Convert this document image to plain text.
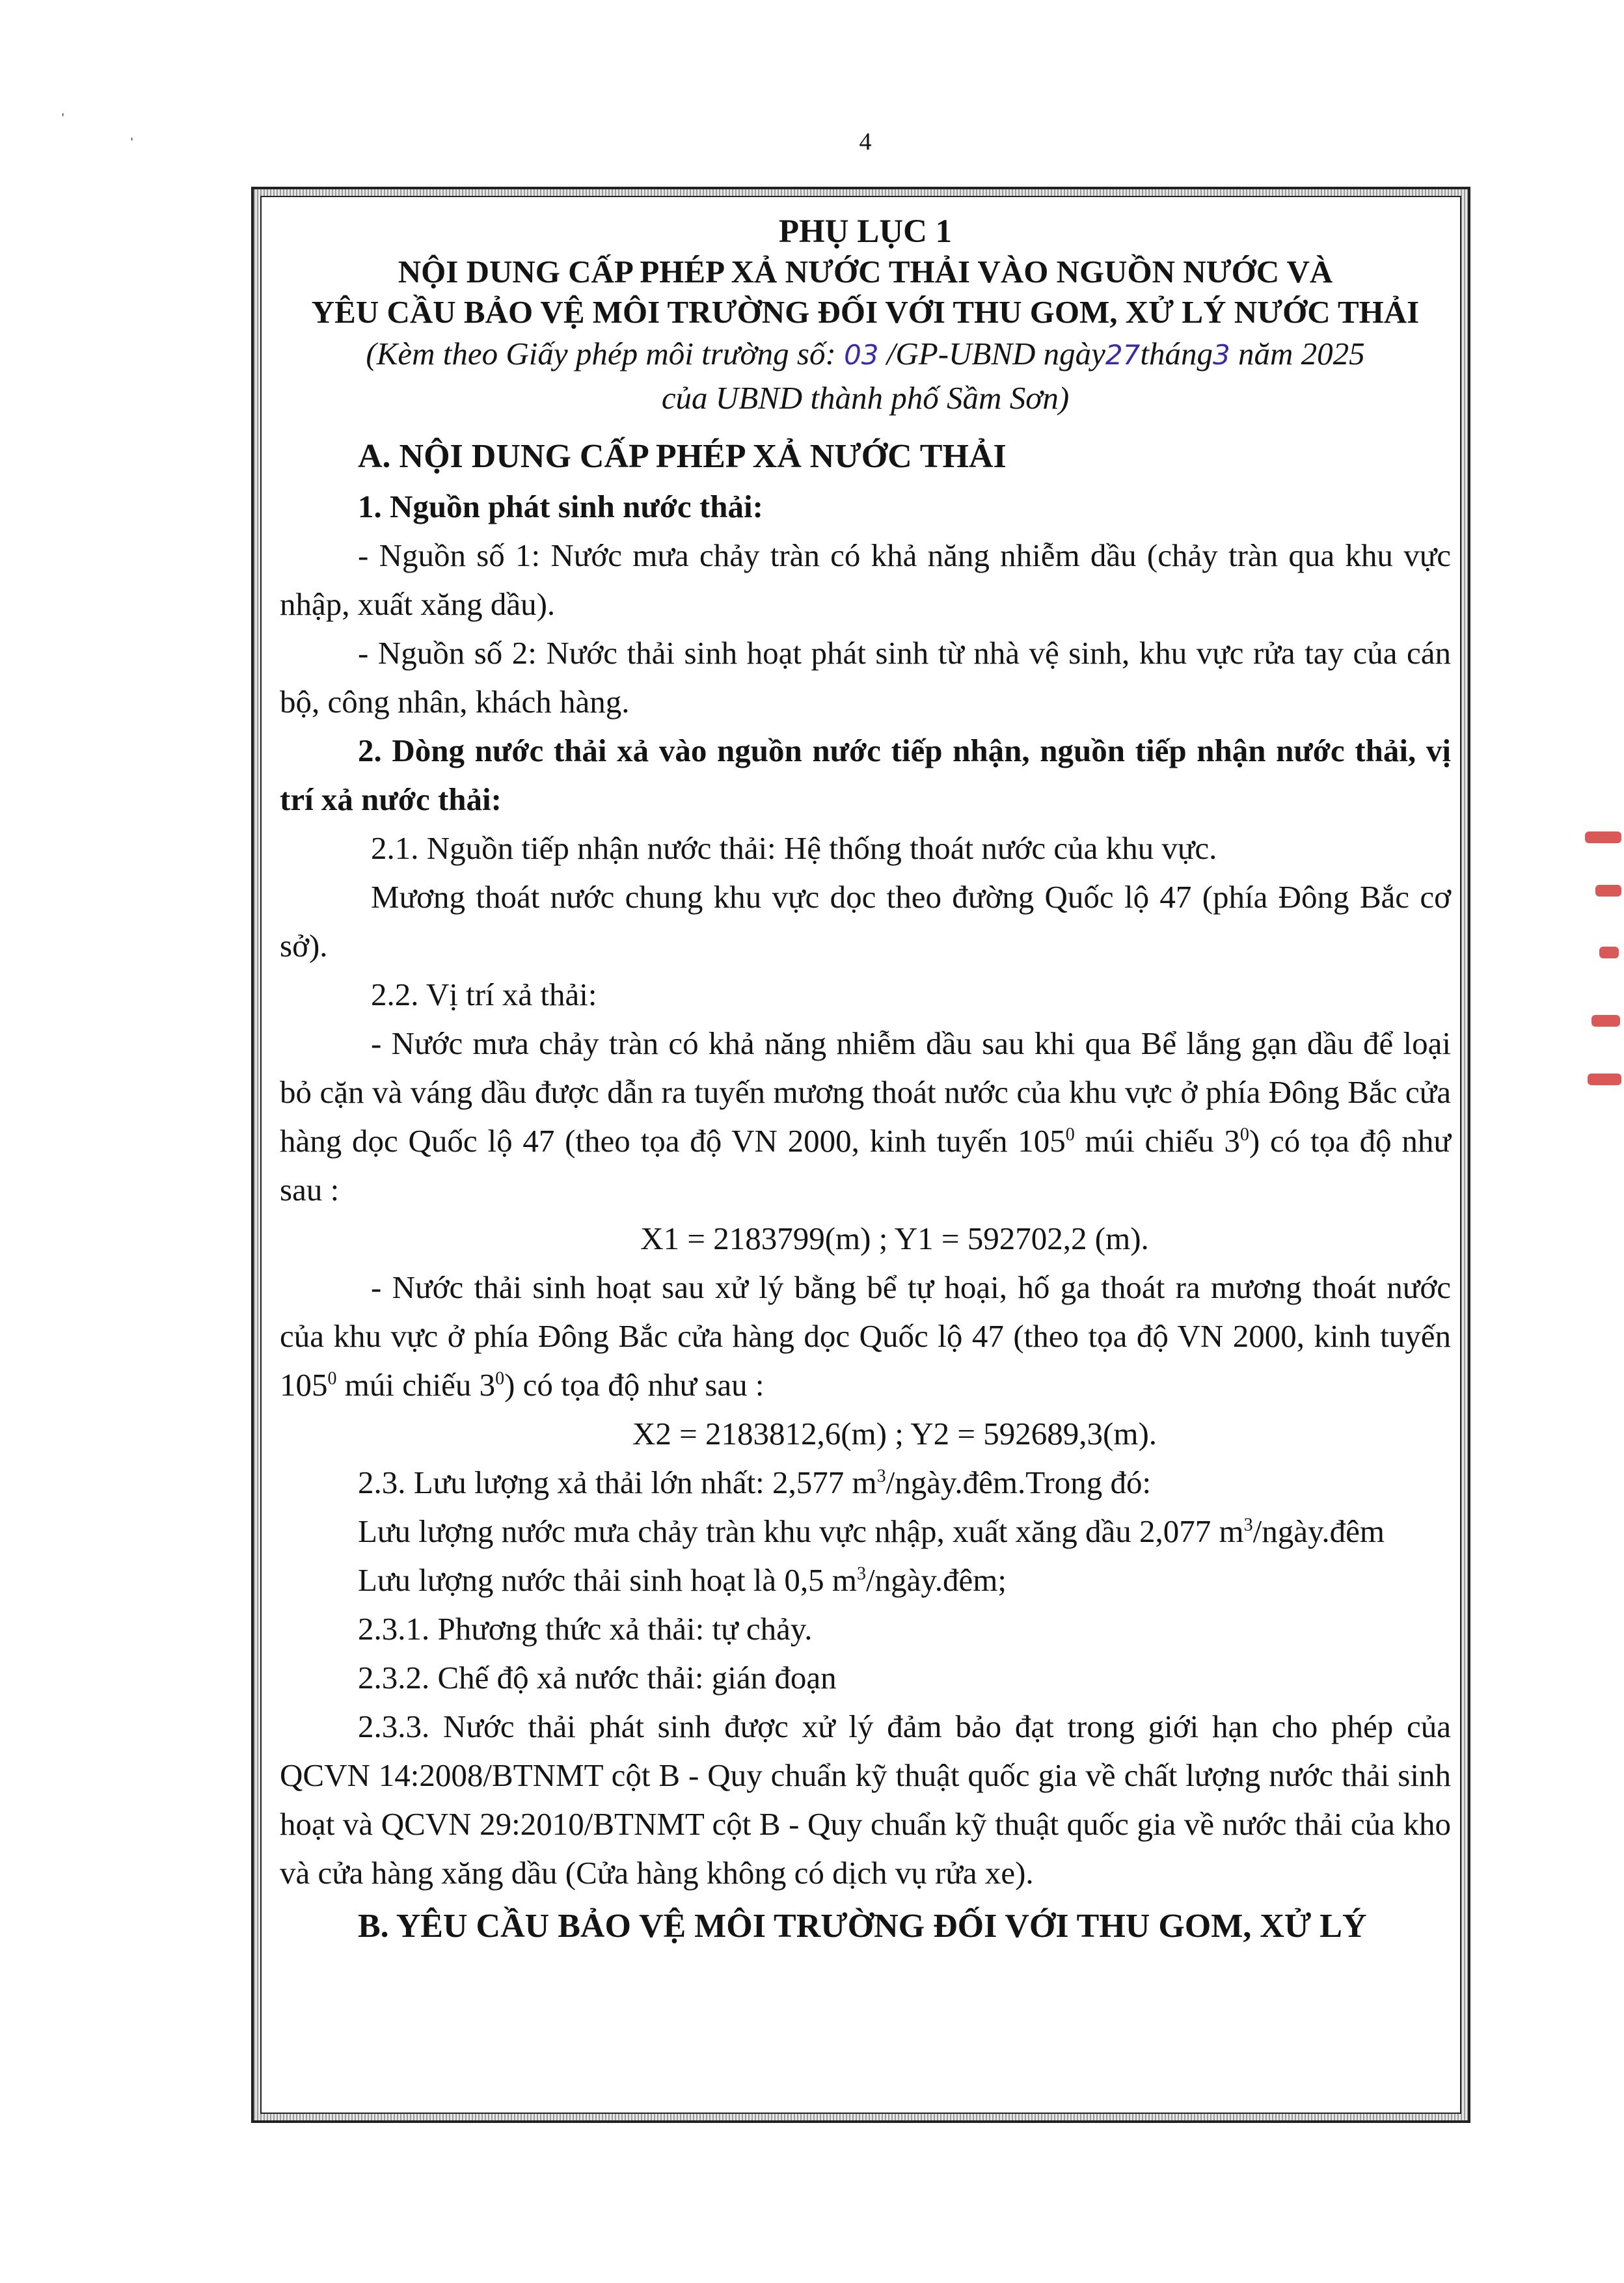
4
ˈ
ˌ
PHỤ LỤC 1
NỘI DUNG CẤP PHÉP XẢ NƯỚC THẢI VÀO NGUỒN NƯỚC VÀ
YÊU CẦU BẢO VỆ MÔI TRƯỜNG ĐỐI VỚI THU GOM, XỬ LÝ NƯỚC THẢI
(Kèm theo Giấy phép môi trường số: 03 /GP-UBND ngày27tháng3 năm 2025
của UBND thành phố Sầm Sơn)
A. NỘI DUNG CẤP PHÉP XẢ NƯỚC THẢI

1. Nguồn phát sinh nước thải:

- Nguồn số 1: Nước mưa chảy tràn có khả năng nhiễm dầu (chảy tràn qua khu vực nhập, xuất xăng dầu).

- Nguồn số 2: Nước thải sinh hoạt phát sinh từ nhà vệ sinh, khu vực rửa tay của cán bộ, công nhân, khách hàng.

2. Dòng nước thải xả vào nguồn nước tiếp nhận, nguồn tiếp nhận nước thải, vị trí xả nước thải:

2.1. Nguồn tiếp nhận nước thải: Hệ thống thoát nước của khu vực.

Mương thoát nước chung khu vực dọc theo đường Quốc lộ 47 (phía Đông Bắc cơ sở).

2.2. Vị trí xả thải:

- Nước mưa chảy tràn có khả năng nhiễm dầu sau khi qua Bể lắng gạn dầu để loại bỏ cặn và váng dầu được dẫn ra tuyến mương thoát nước của khu vực ở phía Đông Bắc cửa hàng dọc Quốc lộ 47 (theo tọa độ VN 2000, kinh tuyến $105^0$ múi chiếu $3^0$) có tọa độ như sau :

X1 = 2183799(m) ; Y1 = 592702,2 (m).

- Nước thải sinh hoạt sau xử lý bằng bể tự hoại, hố ga thoát ra mương thoát nước của khu vực ở phía Đông Bắc cửa hàng dọc Quốc lộ 47 (theo tọa độ VN 2000, kinh tuyến $105^0$ múi chiếu $3^0$) có tọa độ như sau :

X2 = 2183812,6(m) ; Y2 = 592689,3(m).

2.3. Lưu lượng xả thải lớn nhất: 2,577 $m^3/ngày.đêm.Trong$ đó:

Lưu lượng nước mưa chảy tràn khu vực nhập, xuất xăng dầu 2,077 $m^3/ngày.đêm$

Lưu lượng nước thải sinh hoạt là 0,5 $m^3/ngày.đêm$;

2.3.1. Phương thức xả thải: tự chảy.

2.3.2. Chế độ xả nước thải: gián đoạn

2.3.3. Nước thải phát sinh được xử lý đảm bảo đạt trong giới hạn cho phép của QCVN 14:2008/BTNMT cột B - Quy chuẩn kỹ thuật quốc gia về chất lượng nước thải sinh hoạt và QCVN 29:2010/BTNMT cột B - Quy chuẩn kỹ thuật quốc gia về nước thải của kho và cửa hàng xăng dầu (Cửa hàng không có dịch vụ rửa xe).

B. YÊU CẦU BẢO VỆ MÔI TRƯỜNG ĐỐI VỚI THU GOM, XỬ LÝ
